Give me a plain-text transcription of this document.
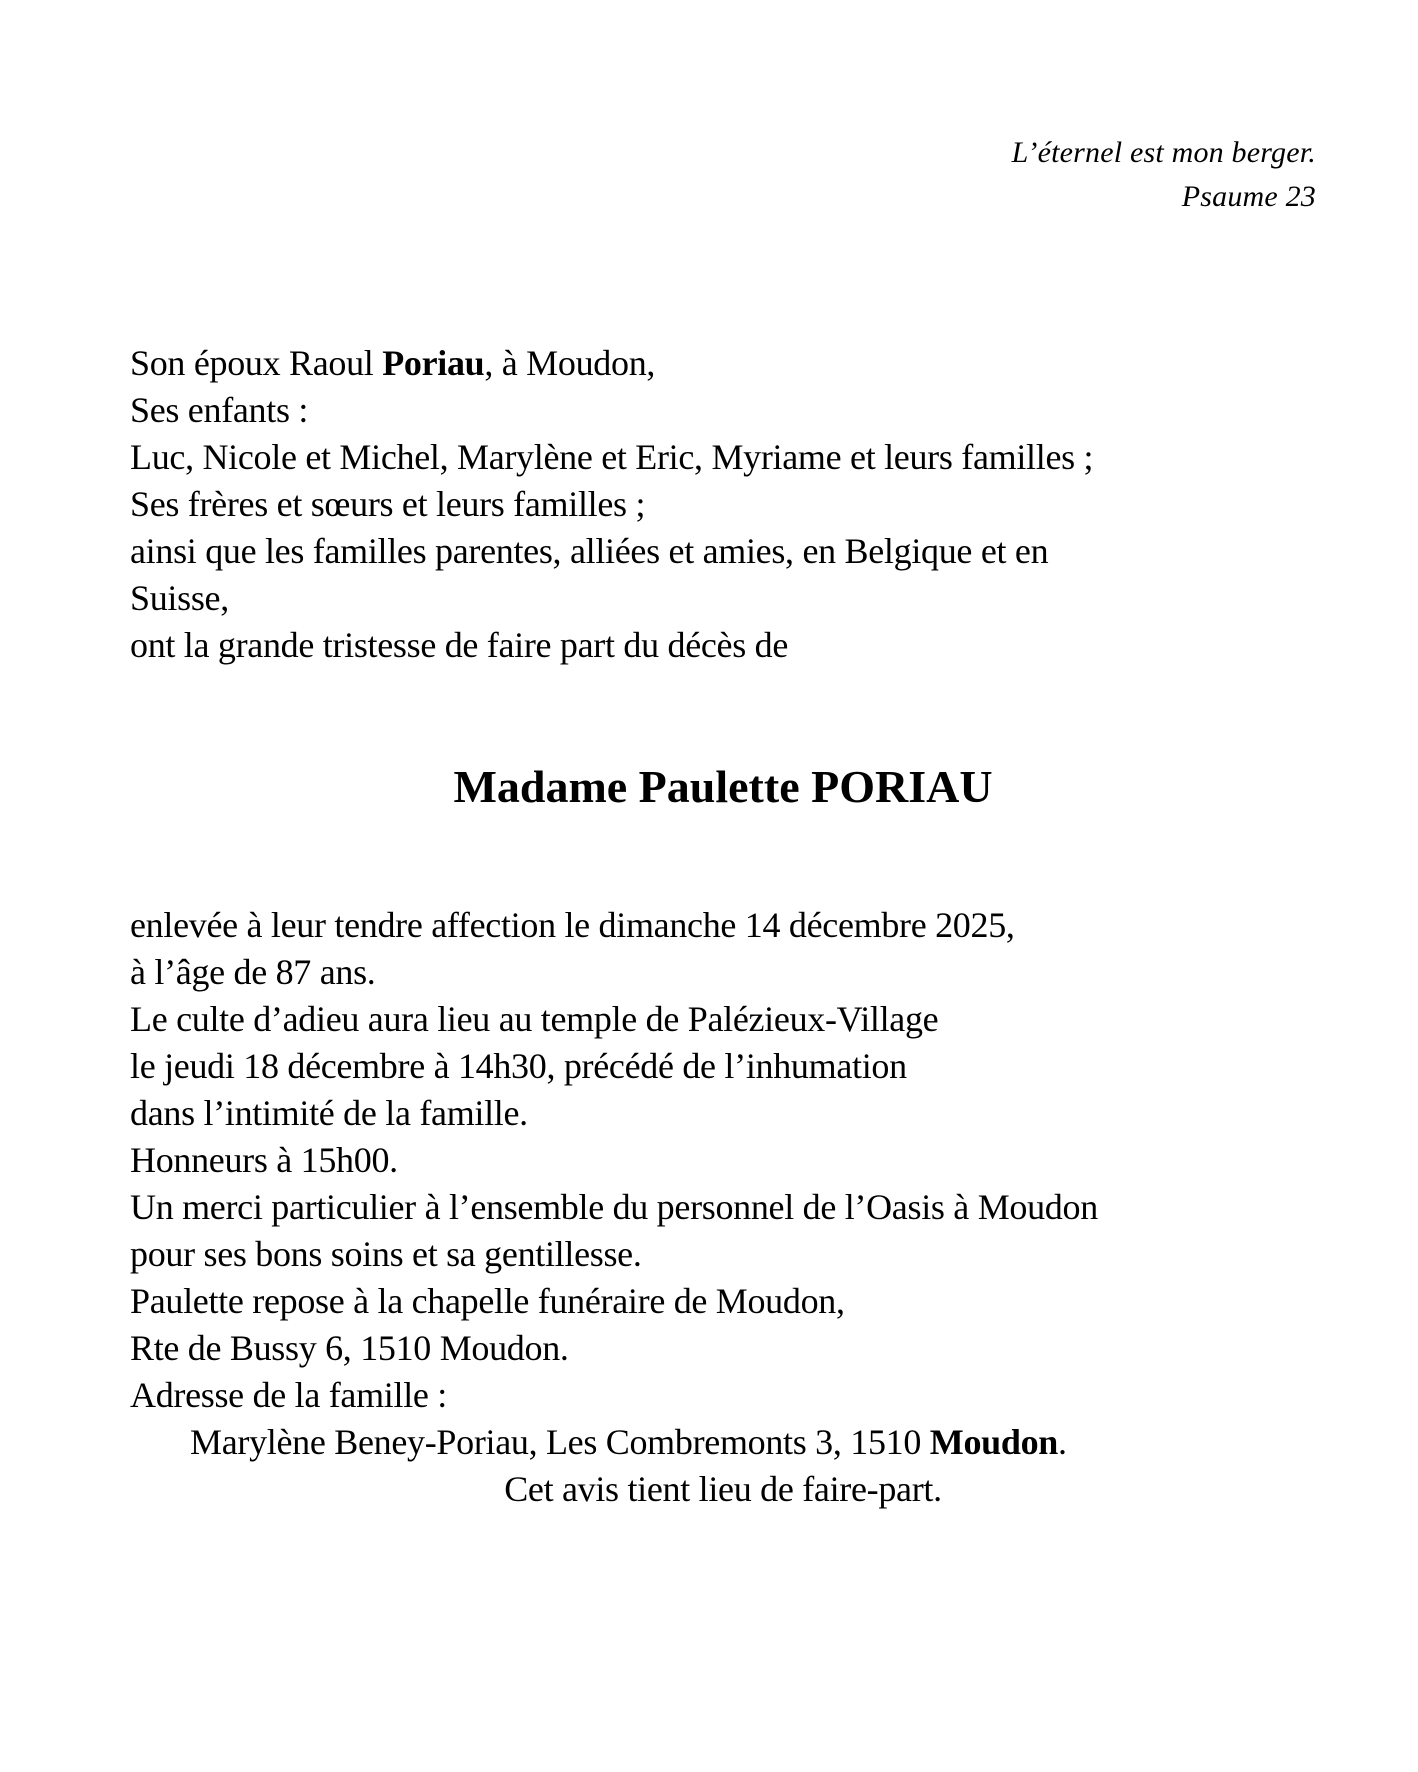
L’éternel est mon berger.
Psaume 23
Son époux Raoul Poriau, à Moudon,
Ses enfants :
Luc, Nicole et Michel, Marylène et Eric, Myriame et leurs familles ;
Ses frères et sœurs et leurs familles ;
ainsi que les familles parentes, alliées et amies, en Belgique et en
Suisse,
ont la grande tristesse de faire part du décès de
Madame Paulette PORIAU
enlevée à leur tendre affection le dimanche 14 décembre 2025,
à l’âge de 87 ans.
Le culte d’adieu aura lieu au temple de Palézieux-Village
le jeudi 18 décembre à 14h30, précédé de l’inhumation
dans l’intimité de la famille.
Honneurs à 15h00.
Un merci particulier à l’ensemble du personnel de l’Oasis à Moudon
pour ses bons soins et sa gentillesse.
Paulette repose à la chapelle funéraire de Moudon,
Rte de Bussy 6, 1510 Moudon.
Adresse de la famille :
Marylène Beney-Poriau, Les Combremonts 3, 1510 Moudon.
Cet avis tient lieu de faire-part.
